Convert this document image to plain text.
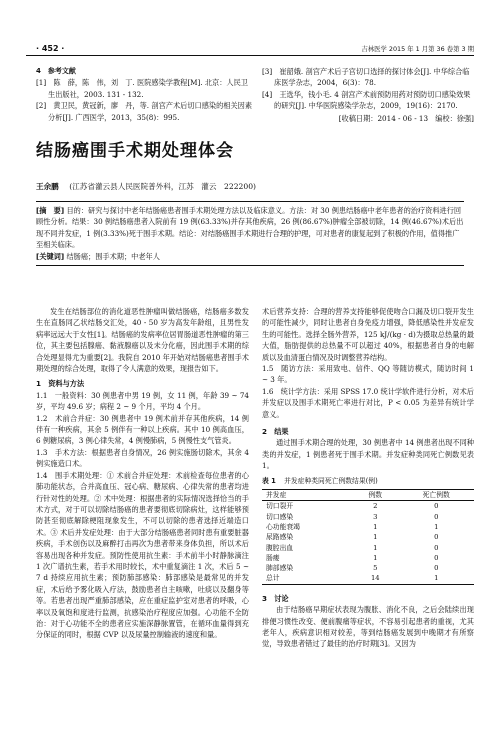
· 452 ·	吉林医学 2015 年 1 月第 36 卷第 3 期
4　参考文献

[1]　陈　薛，陈　伟，刘　丁. 医院感染学教程[M]. 北京：人民卫生出版社，2003. 131 - 132.

[2]　黄卫民，黄冠新，廖　丹，等. 剖宫产术后切口感染的相关因素分析[J]. 广西医学，2013，35(8)：995.

[3]　崔韶娥. 剖宫产术后子宫切口选择的探讨体会[J]. 中华综合临床医学杂志，2004，6(3)：78.

[4]　王选华，钱小毛. 4 剖宫产术前预防用药对预防切口感染效果的研究[J]. 中华医院感染学杂志，2009，19(16)：2170.

[收稿日期：2014 - 06 - 13　编校：徐强]
结肠癌围手术期处理体会
王余鹏 (江苏省灌云县人民医院普外科，江苏　灌云　222200)

[摘　要] 目的：研究与探讨中老年结肠癌患者围手术期处理方法以及临床意义。方法：对 30 例患结肠癌中老年患者的治疗资料进行回顾性分析。结果：30 例结肠癌患者入院前有 19 例(63.33%)并存其他疾病，26 例(86.67%)肿瘤全部被切除，14 例(46.67%)术后出现不同并发症，1 例(3.33%)死于围手术期。结论：对结肠癌围手术期进行合理的护理，可对患者的康复起到了积极的作用，值得推广至相关临床。

[关键词] 结肠癌；围手术期；中老年人

发生在结肠部位的消化道恶性肿瘤叫做结肠癌，结肠癌多数发生在直肠同乙状结肠交汇处，40 - 50 岁为高发年龄组，且男性发病率远远大于女性[1]。结肠癌的发病率位居胃肠道恶性肿瘤的第三位，其主要包括腺癌、黏液腺癌以及未分化癌，因此围手术期的综合处理显得尤为重要[2]。我院自 2010 年开始对结肠癌患者围手术期处理的综合处理，取得了令人满意的效果，现报告如下。

1　资料与方法

1.1　一般资料：30 例患者中男 19 例，女 11 例，年龄 39 ~ 74 岁，平均 49.6 岁；病程 2 ~ 9 个月，平均 4 个月。

1.2　术前合并症：30 例患者中 19 例术前并存其他疾病，14 例伴有一种疾病，其余 5 例伴有一种以上疾病。其中 10 例高血压，6 例糖尿病，3 例心律失常，4 例慢肺病，5 例慢性支气管炎。

1.3　手术方法：根据患者自身情况，26 例实施肠切除术，其余 4 例实施造口术。

1.4　围手术期处理：① 术前合并症处理：术前检查每位患者的心肺功能状态，合并高血压、冠心病、糖尿病、心律失常的患者均进行针对性的处理。② 术中处理：根据患者的实际情况选择恰当的手术方式，对于可以切除结肠癌的患者要彻底切除病灶，这样能够预防甚至彻底解除梗阻现象发生，不可以切除的患者选择近端造口术。③ 术后并发症处理：由于大部分结肠癌患者同时患有重要脏器疾病，手术创伤以及麻醉打击再次为患者带来身体负担，所以术后容易出现各种并发症。预防性使用抗生素：手术前半小时静脉滴注 1 次广谱抗生素，若手术用时较长，术中重复滴注 1 次，术后 5 ~ 7 d 持续应用抗生素；预防肺部感染：肺部感染是最常见的并发症，术后给予雾化吸入疗法，鼓励患者自主咳嗽，吐痰以及翻身等等。若患者出现严重肺部感染，应在重症监护室对患者的呼吸，心率以及氧饱和度进行监测，抗感染治疗程度应加强。心功能不全防治：对于心功能不全的患者应实施深静脉置管，在循环血量得到充分保证的同时，根据 CVP 以及尿量控制输液的速度和量。

术后营养支持：合理的营养支持能够促使吻合口漏及切口裂开发生的可能性减少，同时让患者自身免疫力增强，降低感染性并发症发生的可能性。选择全肠外营养，125 kJ/(kg · d)为摄取总热量的最大值，脂肪提供的总热量不可以超过 40%，根据患者自身的电解质以及血清蛋白情况及时调整营养结构。

1.5　随访方法：采用致电、信件、QQ 等随访模式，随访时间 1 ~ 3 年。

1.6　统计学方法：采用 SPSS 17.0 统计学软件进行分析，对术后并发症以及围手术期死亡率进行对比，P < 0.05 为差异有统计学意义。

2　结果

通过围手术期合理的处理，30 例患者中 14 例患者出现不同种类的并发症，1 例患者死于围手术期。并发症种类同死亡例数见表 1。

表 1 并发症种类同死亡例数结果(例)
并发症	例数	死亡例数
切口裂开	2	0
切口感染	3	0
心功能衰竭	1	1
尿路感染	1	0
腹腔出血	1	0
肠瘘	1	0
肺部感染	5	0
总计	14	1
3　讨论

由于结肠癌早期症状表现为腹胀、消化不良，之后会陆续出现排便习惯性改变、便前腹痛等症状，不容易引起患者的重视，尤其老年人，疾病意识相对较差，等到结肠癌发展到中晚期才有所察觉，导致患者错过了最佳的治疗时期[3]。又因为
